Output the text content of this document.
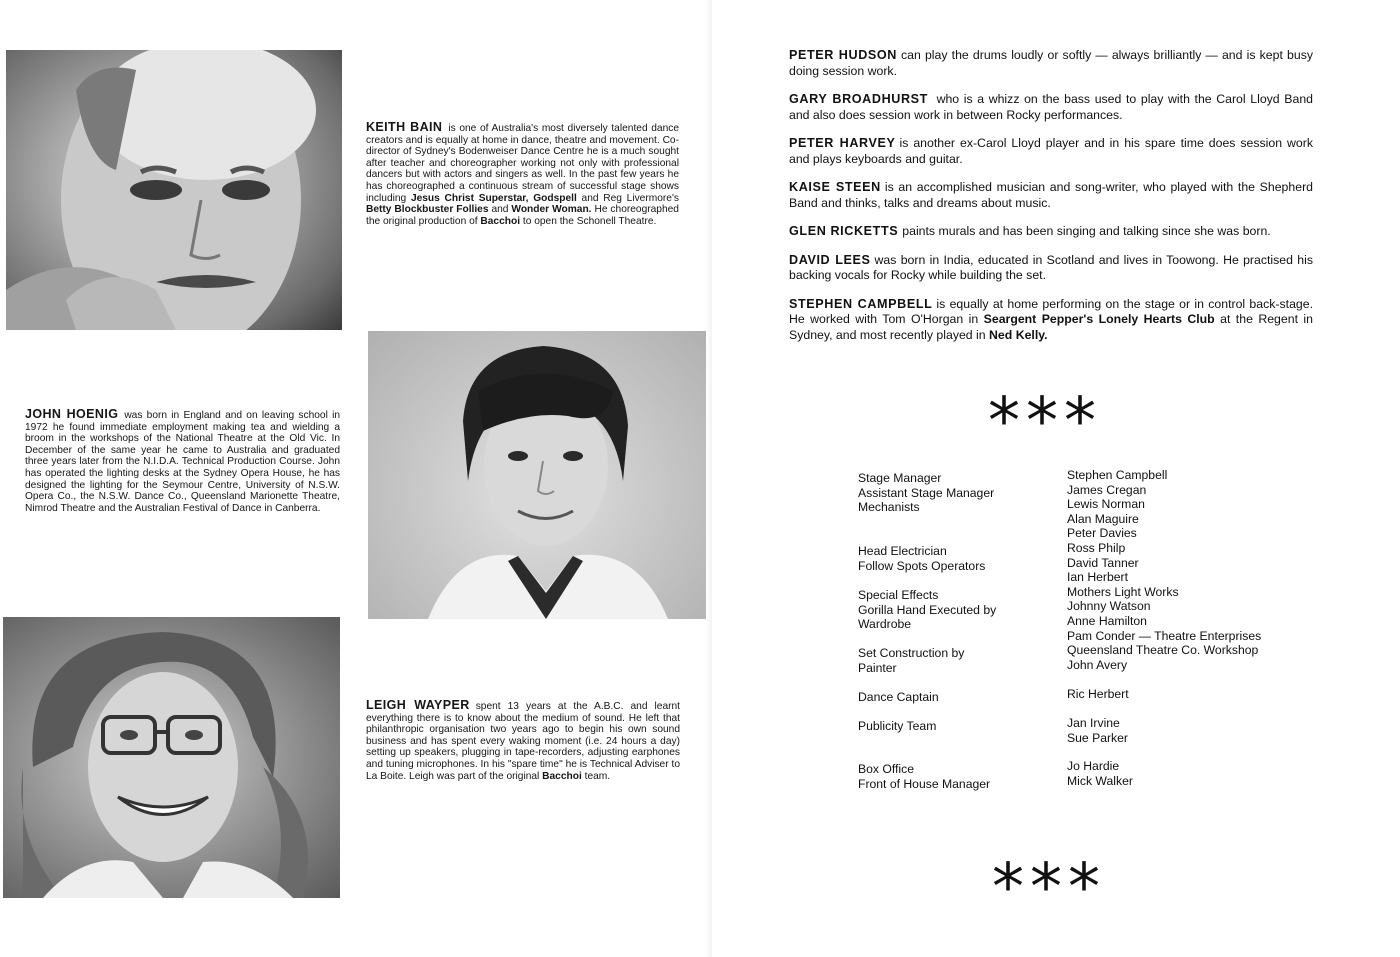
KEITH BAIN is one of Australia's most diversely talented dance creators and is equally at home in dance, theatre and movement. Co-director of Sydney's Bodenweiser Dance Centre he is a much sought after teacher and choreographer working not only with professional dancers but with actors and singers as well. In the past few years he has choreographed a continuous stream of successful stage shows including Jesus Christ Superstar, Godspell and Reg Livermore's Betty Blockbuster Follies and Wonder Woman. He choreographed the original production of Bacchoi to open the Schonell Theatre.
JOHN HOENIG was born in England and on leaving school in 1972 he found immediate employment making tea and wielding a broom in the workshops of the National Theatre at the Old Vic. In December of the same year he came to Australia and graduated three years later from the N.I.D.A. Technical Production Course. John has operated the lighting desks at the Sydney Opera House, he has designed the lighting for the Seymour Centre, University of N.S.W. Opera Co., the N.S.W. Dance Co., Queensland Marionette Theatre, Nimrod Theatre and the Australian Festival of Dance in Canberra.
LEIGH WAYPER spent 13 years at the A.B.C. and learnt everything there is to know about the medium of sound. He left that philanthropic organisation two years ago to begin his own sound business and has spent every waking moment (i.e. 24 hours a day) setting up speakers, plugging in tape-recorders, adjusting earphones and tuning microphones. In his "spare time" he is Technical Adviser to La Boite. Leigh was part of the original Bacchoi team.
PETER HUDSON can play the drums loudly or softly — always brilliantly — and is kept busy doing session work.
GARY BROADHURST who is a whizz on the bass used to play with the Carol Lloyd Band and also does session work in between Rocky performances.
PETER HARVEY is another ex-Carol Lloyd player and in his spare time does session work and plays keyboards and guitar.
KAISE STEEN is an accomplished musician and song-writer, who played with the Shepherd Band and thinks, talks and dreams about music.
GLEN RICKETTS paints murals and has been singing and talking since she was born.
DAVID LEES was born in India, educated in Scotland and lives in Toowong. He practised his backing vocals for Rocky while building the set.
STEPHEN CAMPBELL is equally at home performing on the stage or in control back-stage. He worked with Tom O'Horgan in Seargent Pepper's Lonely Hearts Club at the Regent in Sydney, and most recently played in Ned Kelly.
***
Stage Manager
Assistant Stage Manager
Mechanists
Head Electrician
Follow Spots Operators
Special Effects
Gorilla Hand Executed by
Wardrobe
Set Construction by
Painter
Dance Captain
Publicity Team
Box Office
Front of House Manager
Stephen Campbell
James Cregan
Lewis Norman
Alan Maguire
Peter Davies
Ross Philp
David Tanner
Ian Herbert
Mothers Light Works
Johnny Watson
Anne Hamilton
Pam Conder — Theatre Enterprises
Queensland Theatre Co. Workshop
John Avery
Ric Herbert
Jan Irvine
Sue Parker
Jo Hardie
Mick Walker
***
